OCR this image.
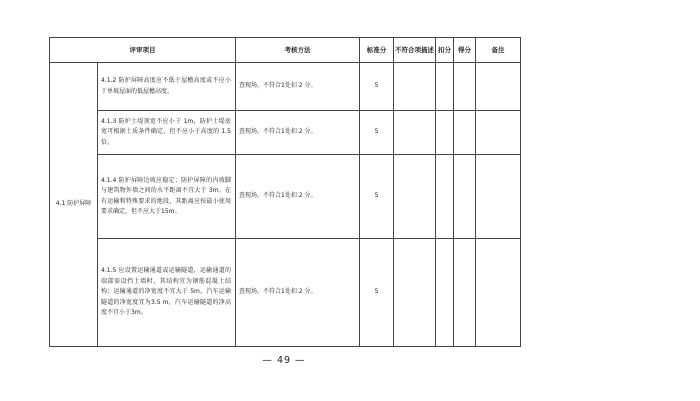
评审项目		考核方法	标准分	不符合项描述	扣分	得分	备注
4.1 防护屏障	4.1.2 防护屏障高度应不低于屋檐高度或不应小于单坡屋面的低屋檐高度。	查现场，不符合1处扣 2 分。	5				
	4.1.3 防护土堤顶宽不应小于 1m，防护土堤底宽可根据土质条件确定，但不应小于高度的 1.5 倍。	查现场，不符合1处扣 2 分。	5				
	4.1.4 防护屏障边坡应稳定；防护屏障的内坡脚与建筑物外墙之间的水平距离不宜大于 3m。在有运输和特殊要求的地段，其距离应按最小使用要求确定，但不应大于15m。	查现场，不符合1处扣 2 分。	5				
	4.1.5 应设置运输通道或运输隧道，运输通道的端部需设挡土墙时，其结构宜为钢筋混凝土结构；运输通道的净宽度不宜大于 5m，汽车运输隧道的净宽度宜为3.5 m，汽车运输隧道的净高度不宜小于3m。	查现场，不符合1处扣 2 分。	5				
— 49 —
